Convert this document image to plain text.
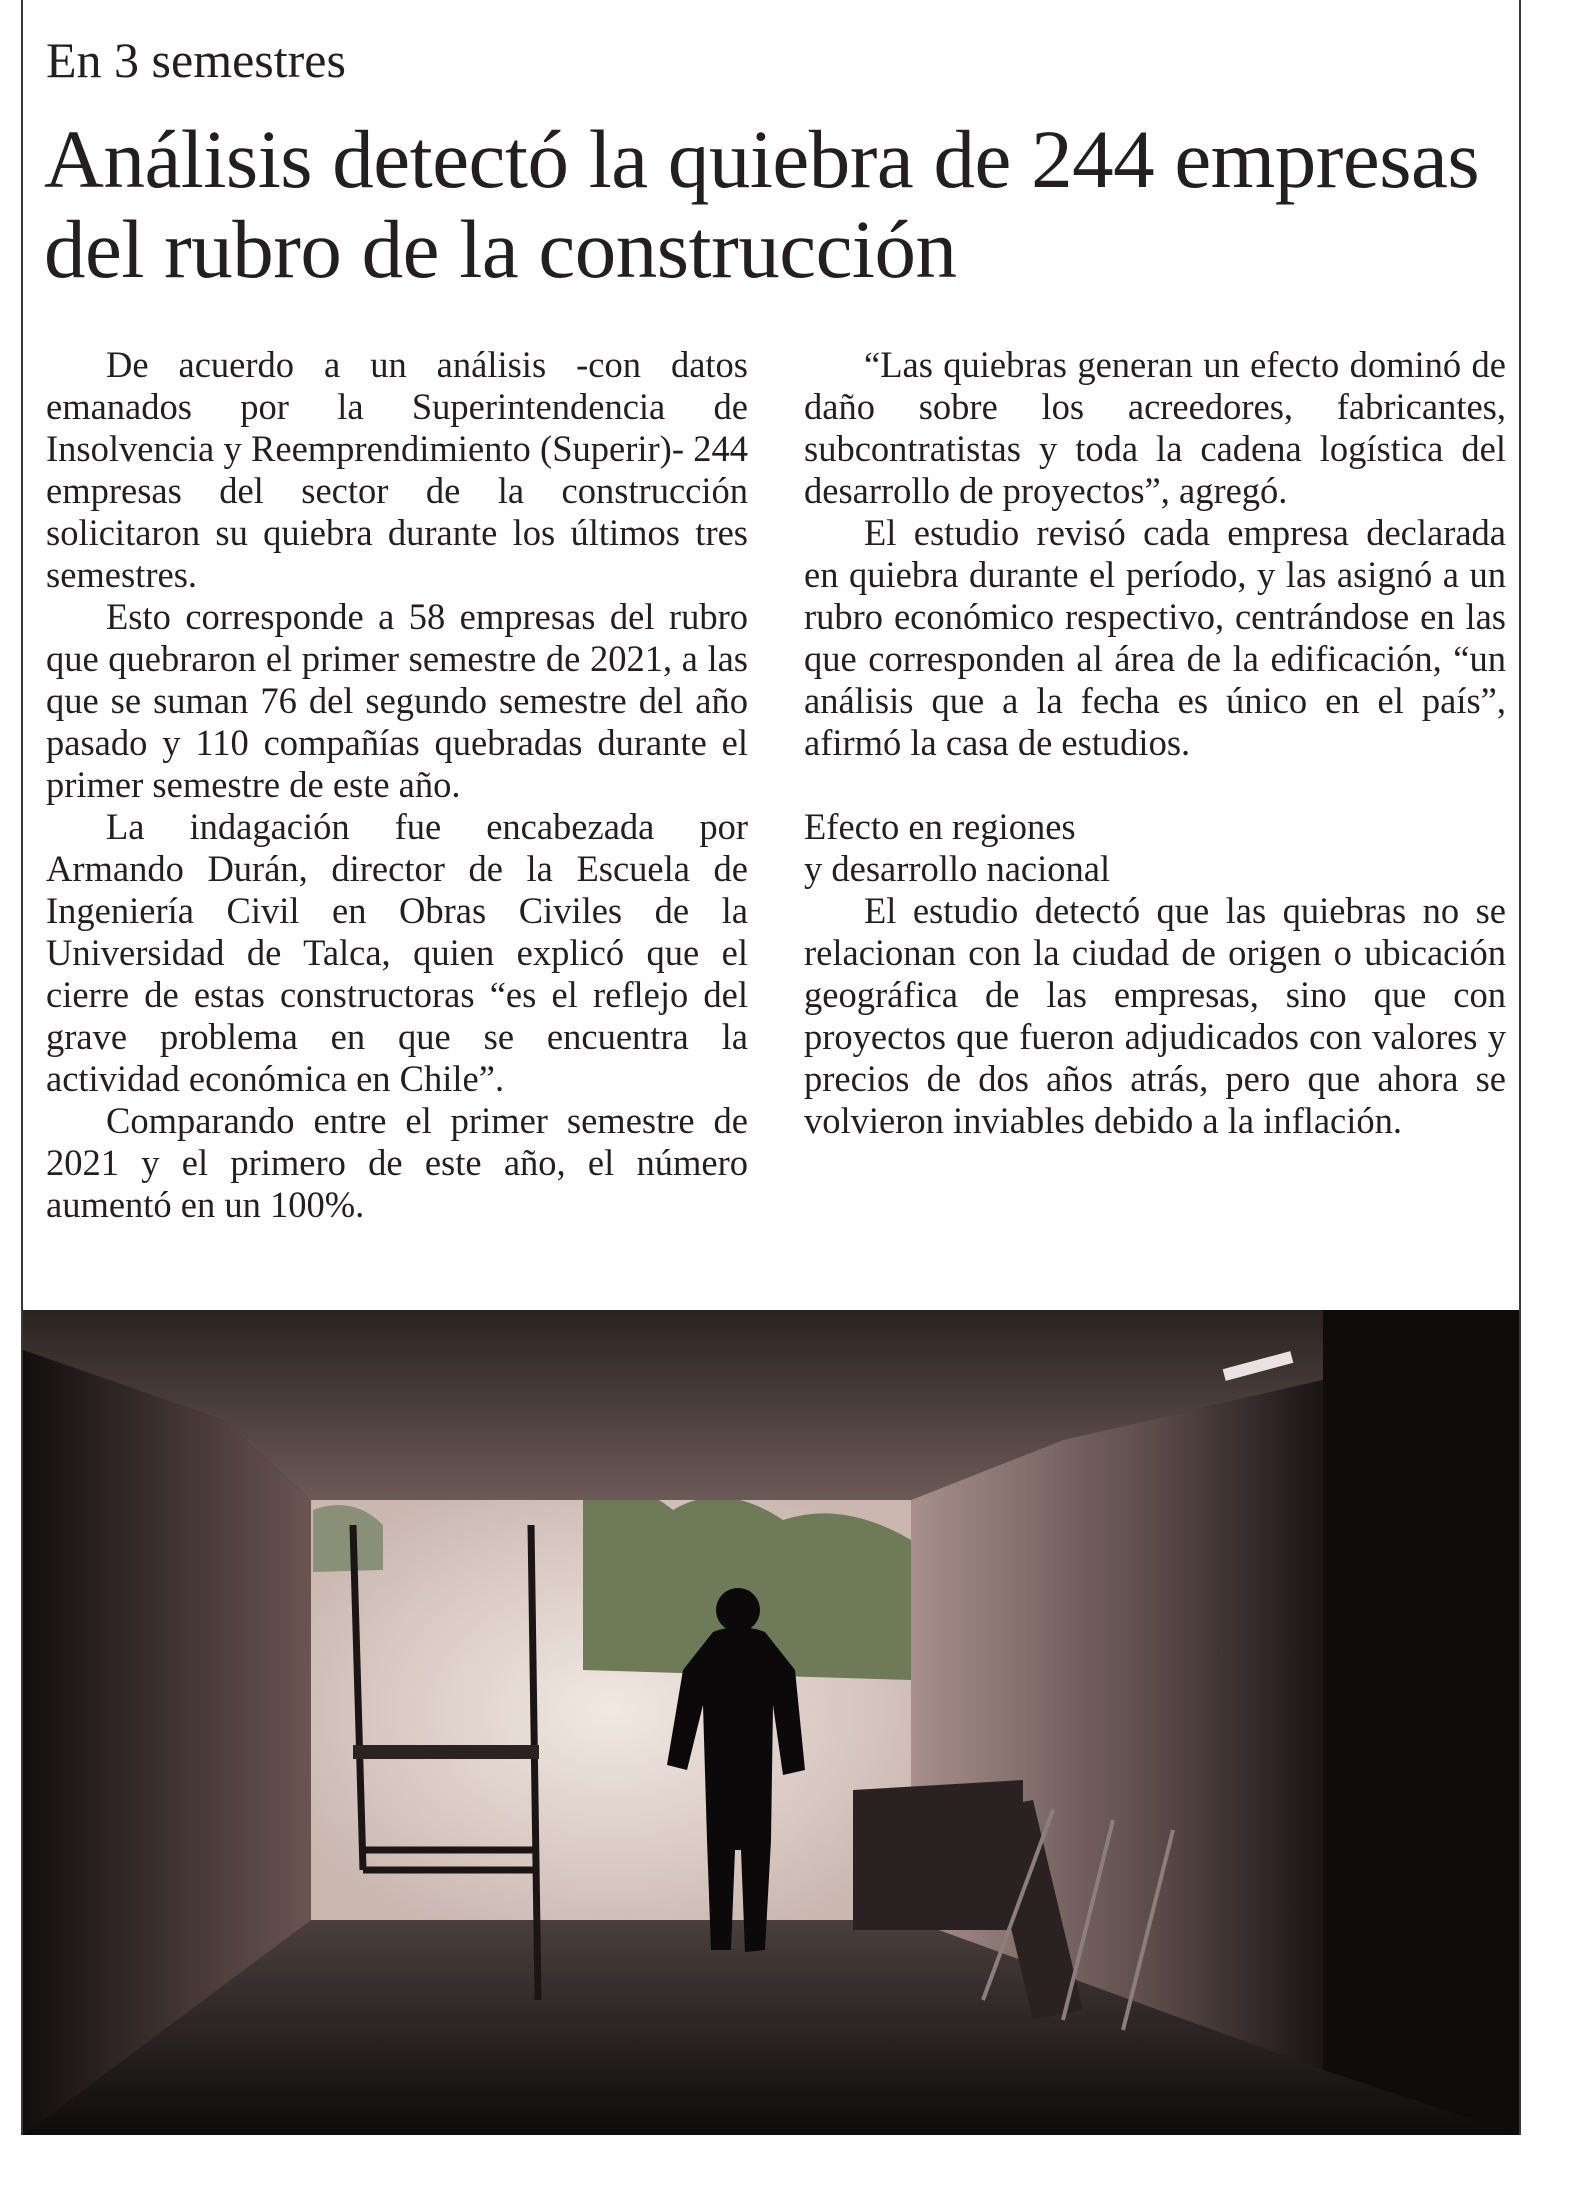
En 3 semestres
Análisis detectó la quiebra de 244 empresas del rubro de la construcción

De acuerdo a un análisis -con datos emanados por la Superintendencia de Insolvencia y Reemprendimiento (Superir)- 244 empresas del sector de la construcción solicitaron su quiebra durante los últimos tres semestres.

Esto corresponde a 58 empresas del rubro que quebraron el primer semestre de 2021, a las que se suman 76 del segundo semestre del año pasado y 110 compañías quebradas durante el primer semestre de este año.

La indagación fue encabezada por Armando Durán, director de la Escuela de Ingeniería Civil en Obras Civiles de la Universidad de Talca, quien explicó que el cierre de estas constructoras “es el reflejo del grave problema en que se encuentra la actividad económica en Chile”.

Comparando entre el primer semestre de 2021 y el primero de este año, el número aumentó en un 100%.

“Las quiebras generan un efecto dominó de daño sobre los acreedores, fabricantes, subcontratistas y toda la cadena logística del desarrollo de proyectos”, agregó.

El estudio revisó cada empresa declarada en quiebra durante el período, y las asignó a un rubro económico respectivo, centrándose en las que corresponden al área de la edificación, “un análisis que a la fecha es único en el país”, afirmó la casa de estudios.

Efecto en regiones
y desarrollo nacional

El estudio detectó que las quiebras no se relacionan con la ciudad de origen o ubicación geográfica de las empresas, sino que con proyectos que fueron adjudicados con valores y precios de dos años atrás, pero que ahora se volvieron inviables debido a la inflación.
